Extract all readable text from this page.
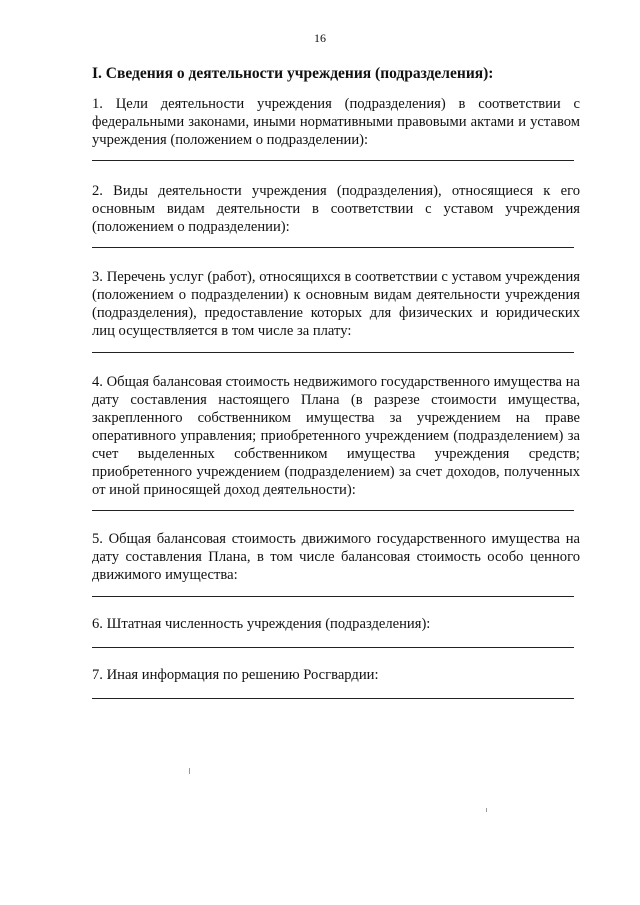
16
I. Сведения о деятельности учреждения (подразделения):
1. Цели деятельности учреждения (подразделения) в соответствии с федеральными законами, иными нормативными правовыми актами и уставом учреждения (положением о подразделении):
2. Виды деятельности учреждения (подразделения), относящиеся к его основным видам деятельности в соответствии с уставом учреждения (положением о подразделении):
3. Перечень услуг (работ), относящихся в соответствии с уставом учреждения (положением о подразделении) к основным видам деятельности учреждения (подразделения), предоставление которых для физических и юридических лиц осуществляется в том числе за плату:
4. Общая балансовая стоимость недвижимого государственного имущества на дату составления настоящего Плана (в разрезе стоимости имущества, закрепленного собственником имущества за учреждением на праве оперативного управления; приобретенного учреждением (подразделением) за счет выделенных собственником имущества учреждения средств; приобретенного учреждением (подразделением) за счет доходов, полученных от иной приносящей доход деятельности):
5. Общая балансовая стоимость движимого государственного имущества на дату составления Плана, в том числе балансовая стоимость особо ценного движимого имущества:
6. Штатная численность учреждения (подразделения):
7. Иная информация по решению Росгвардии:
